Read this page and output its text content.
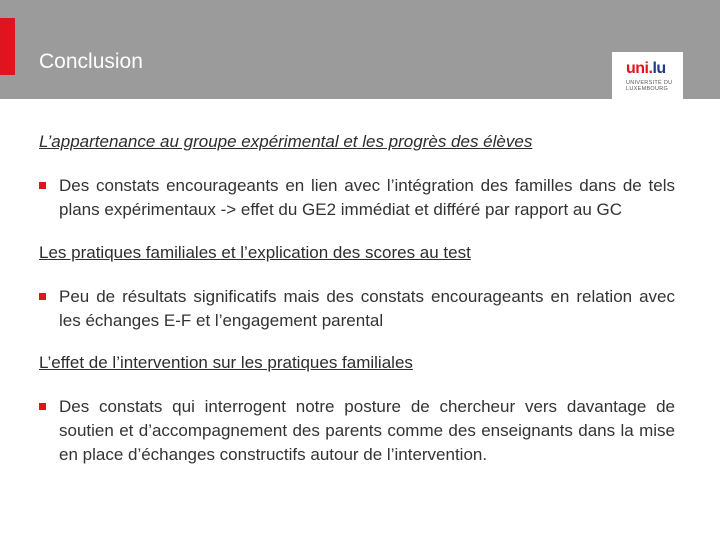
Conclusion	uni.lu
UNIVERSITÉ DU LUXEMBOURG

L’appartenance au groupe expérimental et les progrès des élèves

Des constats encourageants en lien avec l’intégration des familles dans de tels plans expérimentaux -> effet du GE2 immédiat et différé par rapport au GC

Les pratiques familiales et l’explication des scores au test

Peu de résultats significatifs mais des constats encourageants en relation avec les échanges E-F et l’engagement parental

L’effet de l’intervention sur les pratiques familiales

Des constats qui interrogent notre posture de chercheur vers davantage de soutien et d’accompagnement des parents comme des enseignants dans la mise en place d’échanges constructifs autour de l’intervention.
